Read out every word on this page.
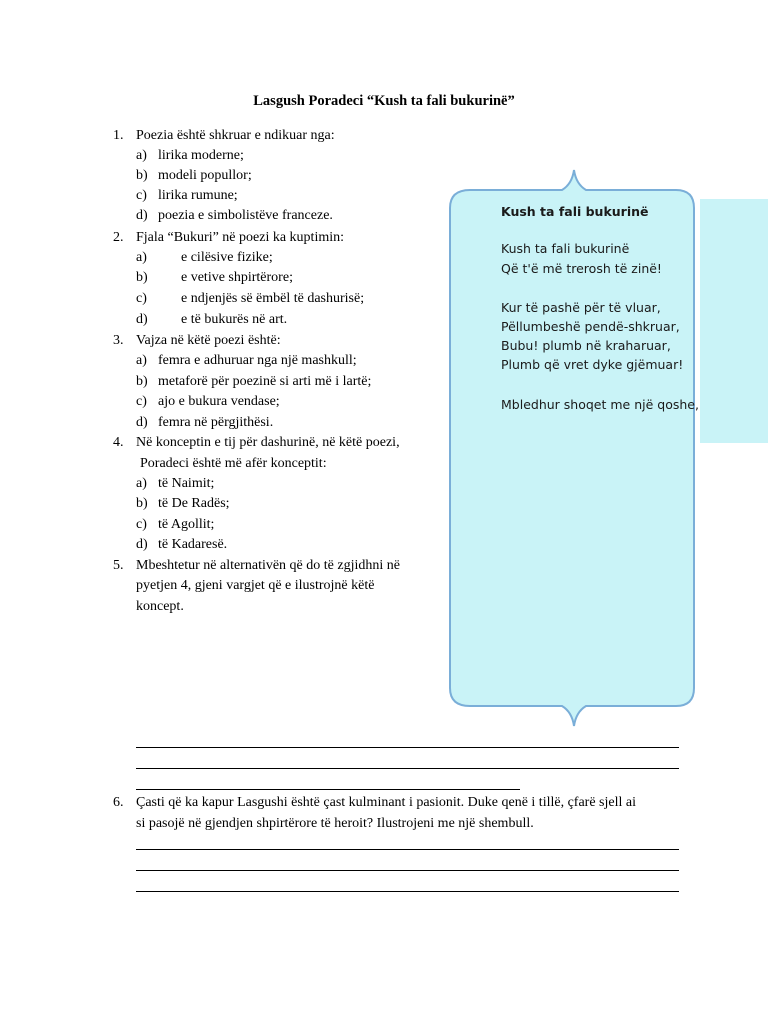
Lasgush Poradeci “Kush ta fali bukurinë”
1. Poezia është shkruar e ndikuar nga:
a) lirika moderne;
b) modeli popullor;
c) lirika rumune;
d) poezia e simbolistëve franceze.
2. Fjala “Bukuri” në poezi ka kuptimin:
a) e cilësive fizike;
b) e vetive shpirtërore;
c) e ndjenjës së ëmbël të dashurisë;
d) e të bukurës në art.
3. Vajza në këtë poezi është:
a) femra e adhuruar nga një mashkull;
b) metaforë për poezinë si arti më i lartë;
c) ajo e bukura vendase;
d) femra në përgjithësi.
4. Në konceptin e tij për dashurinë, në këtë poezi,
Poradeci është më afër konceptit:
a) të Naimit;
b) të De Radës;
c) të Agollit;
d) të Kadaresë.
5. Mbeshtetur në alternativën që do të zgjidhni në
pyetjen 4, gjeni vargjet që e ilustrojnë këtë
koncept.
Kush ta fali bukurinë
Kush ta fali bukurinë
Që t'ë më trerosh të zinë!
Kur të pashë për të vluar,
Pëllumbeshë pendë-shkruar,
Bubu! plumb në kraharuar,
Plumb që vret dyke gjëmuar!
Mbledhur shoqet me një qoshe,
6. Çasti që ka kapur Lasgushi është çast kulminant i pasionit. Duke qenë i tillë, çfarë sjell ai
si pasojë në gjendjen shpirtërore të heroit? Ilustrojeni me një shembull.
